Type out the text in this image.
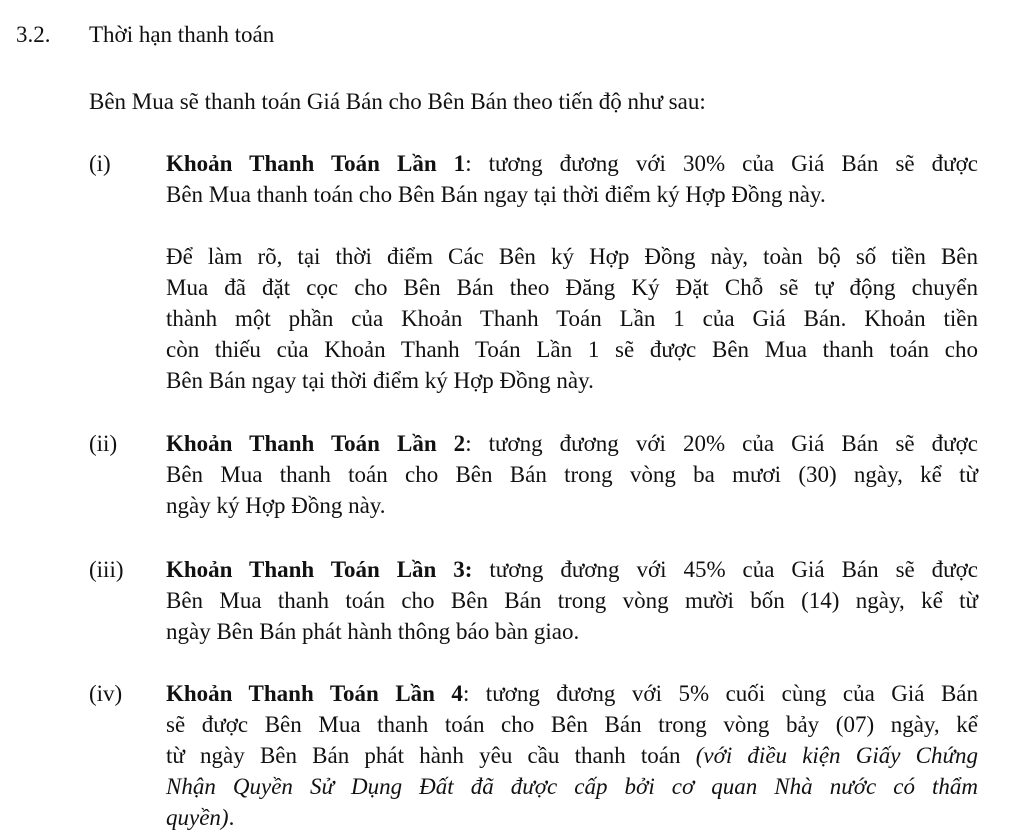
3.2. Thời hạn thanh toán
Bên Mua sẽ thanh toán Giá Bán cho Bên Bán theo tiến độ như sau:
(i) Khoản Thanh Toán Lần 1: tương đương với 30% của Giá Bán sẽ được
Bên Mua thanh toán cho Bên Bán ngay tại thời điểm ký Hợp Đồng này.

Để làm rõ, tại thời điểm Các Bên ký Hợp Đồng này, toàn bộ số tiền Bên
Mua đã đặt cọc cho Bên Bán theo Đăng Ký Đặt Chỗ sẽ tự động chuyển
thành một phần của Khoản Thanh Toán Lần 1 của Giá Bán. Khoản tiền
còn thiếu của Khoản Thanh Toán Lần 1 sẽ được Bên Mua thanh toán cho
Bên Bán ngay tại thời điểm ký Hợp Đồng này.

(ii) Khoản Thanh Toán Lần 2: tương đương với 20% của Giá Bán sẽ được
Bên Mua thanh toán cho Bên Bán trong vòng ba mươi (30) ngày, kể từ
ngày ký Hợp Đồng này.

(iii) Khoản Thanh Toán Lần 3: tương đương với 45% của Giá Bán sẽ được
Bên Mua thanh toán cho Bên Bán trong vòng mười bốn (14) ngày, kể từ
ngày Bên Bán phát hành thông báo bàn giao.

(iv) Khoản Thanh Toán Lần 4: tương đương với 5% cuối cùng của Giá Bán
sẽ được Bên Mua thanh toán cho Bên Bán trong vòng bảy (07) ngày, kể
từ ngày Bên Bán phát hành yêu cầu thanh toán (với điều kiện Giấy Chứng
Nhận Quyền Sử Dụng Đất đã được cấp bởi cơ quan Nhà nước có thẩm
quyền).
